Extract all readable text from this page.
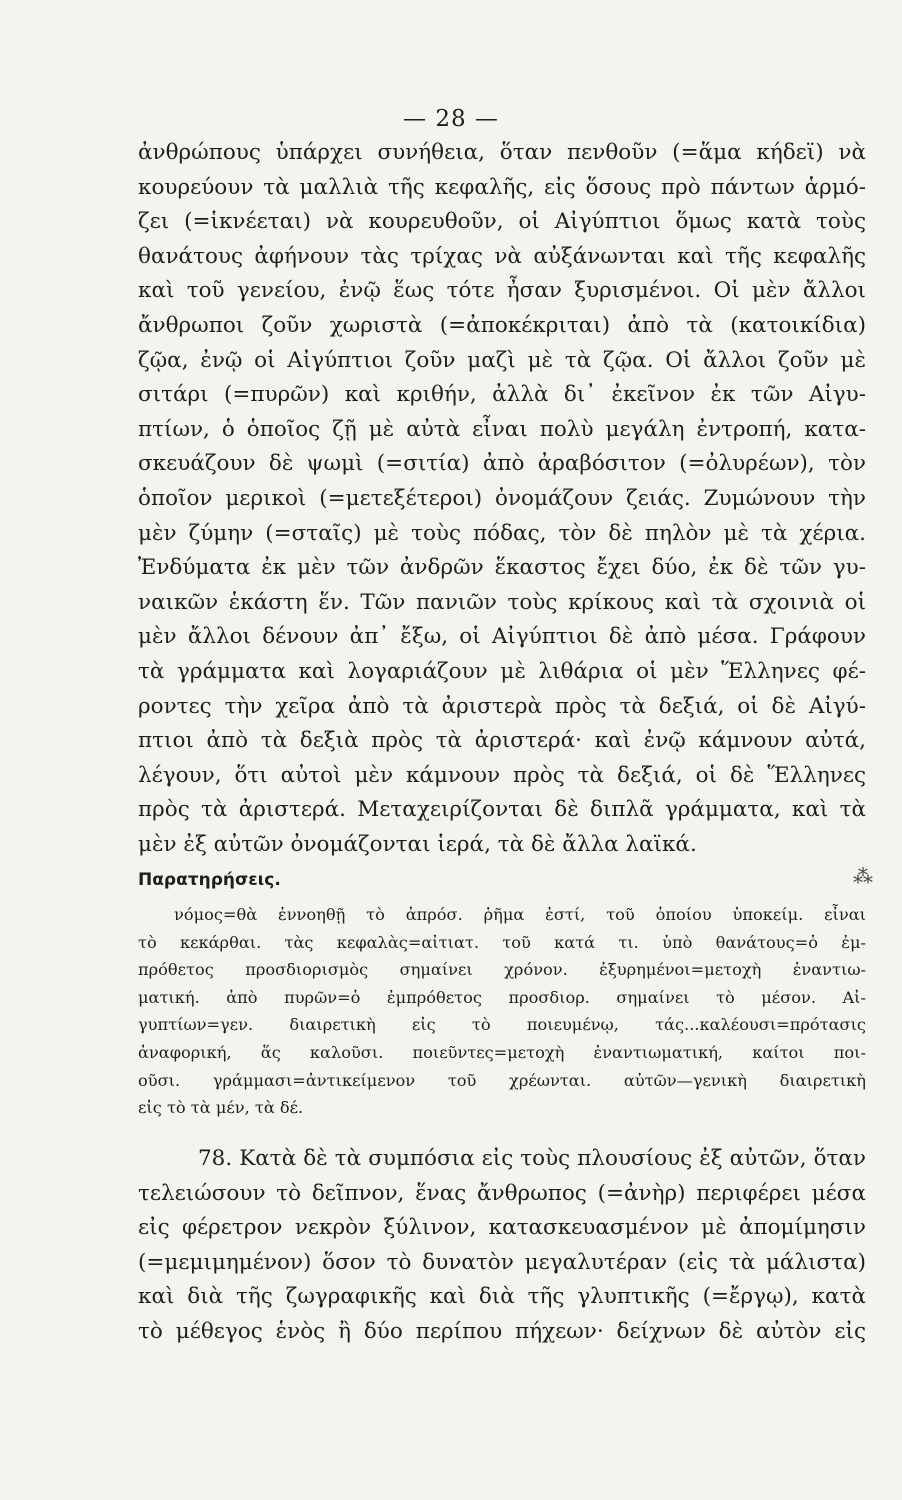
— 28 —
ἀνθρώπους ὑπάρχει συνήθεια, ὅταν πενθοῦν (=ἅμα κήδεϊ) νὰ
κουρεύουν τὰ μαλλιὰ τῆς κεφαλῆς, εἰς ὅσους πρὸ πάντων ἁρμό-
ζει (=ἱκνέεται) νὰ κουρευθοῦν, οἱ Αἰγύπτιοι ὅμως κατὰ τοὺς
θανάτους ἀφήνουν τὰς τρίχας νὰ αὐξάνωνται καὶ τῆς κεφαλῆς
καὶ τοῦ γενείου, ἐνῷ ἕως τότε ἦσαν ξυρισμένοι. Οἱ μὲν ἄλλοι
ἄνθρωποι ζοῦν χωριστὰ (=ἀποκέκριται) ἀπὸ τὰ (κατοικίδια)
ζῷα, ἐνῷ οἱ Αἰγύπτιοι ζοῦν μαζὶ μὲ τὰ ζῷα. Οἱ ἄλλοι ζοῦν μὲ
σιτάρι (=πυρῶν) καὶ κριθήν, ἀλλὰ δι᾽ ἐκεῖνον ἐκ τῶν Αἰγυ-
πτίων, ὁ ὁποῖος ζῇ μὲ αὐτὰ εἶναι πολὺ μεγάλη ἐντροπή, κατα-
σκευάζουν δὲ ψωμὶ (=σιτία) ἀπὸ ἀραβόσιτον (=ὀλυρέων), τὸν
ὁποῖον μερικοὶ (=μετεξέτεροι) ὀνομάζουν ζειάς. Ζυμώνουν τὴν
μὲν ζύμην (=σταῖς) μὲ τοὺς πόδας, τὸν δὲ πηλὸν μὲ τὰ χέρια.
Ἐνδύματα ἐκ μὲν τῶν ἀνδρῶν ἕκαστος ἔχει δύο, ἐκ δὲ τῶν γυ-
ναικῶν ἑκάστη ἕν. Τῶν πανιῶν τοὺς κρίκους καὶ τὰ σχοινιὰ οἱ
μὲν ἄλλοι δένουν ἀπ᾽ ἔξω, οἱ Αἰγύπτιοι δὲ ἀπὸ μέσα. Γράφουν
τὰ γράμματα καὶ λογαριάζουν μὲ λιθάρια οἱ μὲν Ἕλληνες φέ-
ροντες τὴν χεῖρα ἀπὸ τὰ ἀριστερὰ πρὸς τὰ δεξιά, οἱ δὲ Αἰγύ-
πτιοι ἀπὸ τὰ δεξιὰ πρὸς τὰ ἀριστερά· καὶ ἐνῷ κάμνουν αὐτά,
λέγουν, ὅτι αὐτοὶ μὲν κάμνουν πρὸς τὰ δεξιά, οἱ δὲ Ἕλληνες
πρὸς τὰ ἀριστερά. Μεταχειρίζονται δὲ διπλᾶ γράμματα, καὶ τὰ
μὲν ἐξ αὐτῶν ὀνομάζονται ἱερά, τὰ δὲ ἄλλα λαϊκά.
Παρατηρήσεις.	⁂
νόμος=θὰ ἐννοηθῇ τὸ ἀπρόσ. ῥῆμα ἐστί, τοῦ ὁποίου ὑποκείμ. εἶναι
τὸ κεκάρθαι. τὰς κεφαλὰς=αἰτιατ. τοῦ κατά τι. ὑπὸ θανάτους=ὁ ἐμ-
πρόθετος προσδιορισμὸς σημαίνει χρόνον. ἐξυρημένοι=μετοχὴ ἐναντιω-
ματική. ἀπὸ πυρῶν=ὁ ἐμπρόθετος προσδιορ. σημαίνει τὸ μέσον. Αἰ-
γυπτίων=γεν. διαιρετικὴ εἰς τὸ ποιευμένῳ, τάς...καλέουσι=πρότασις
ἀναφορική, ἅς καλοῦσι. ποιεῦντες=μετοχὴ ἐναντιωματική, καίτοι ποι-
οῦσι. γράμμασι=ἀντικείμενον τοῦ χρέωνται. αὐτῶν—γενικὴ διαιρετικὴ
εἰς τὸ τὰ μέν, τὰ δέ.
78. Κατὰ δὲ τὰ συμπόσια εἰς τοὺς πλουσίους ἐξ αὐτῶν, ὅταν
τελειώσουν τὸ δεῖπνον, ἕνας ἄνθρωπος (=ἀνὴρ) περιφέρει μέσα
εἰς φέρετρον νεκρὸν ξύλινον, κατασκευασμένον μὲ ἀπομίμησιν
(=μεμιμημένον) ὅσον τὸ δυνατὸν μεγαλυτέραν (εἰς τὰ μάλιστα)
καὶ διὰ τῆς ζωγραφικῆς καὶ διὰ τῆς γλυπτικῆς (=ἔργῳ), κατὰ
τὸ μέθεγος ἑνὸς ἢ δύο περίπου πήχεων· δείχνων δὲ αὐτὸν εἰς
